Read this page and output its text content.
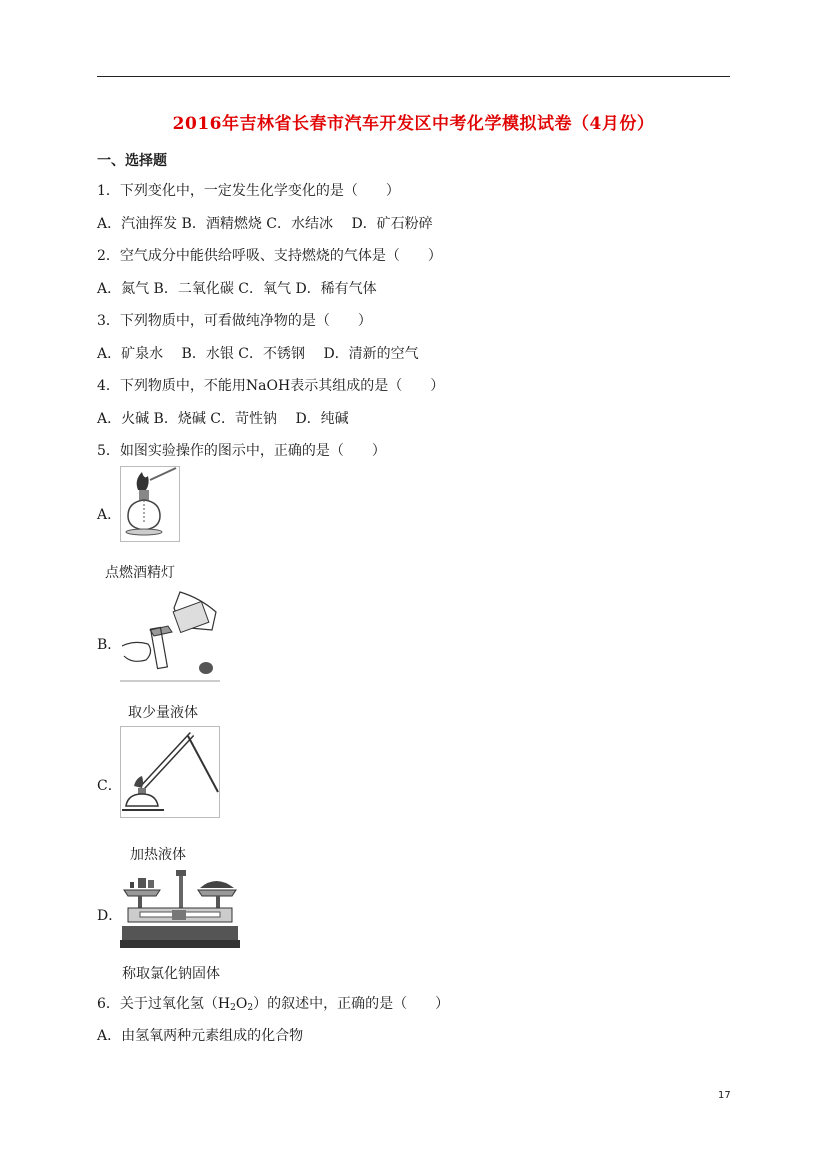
2016年吉林省长春市汽车开发区中考化学模拟试卷（4月份）
一、选择题
1．下列变化中，一定发生化学变化的是（　　）
A．汽油挥发 B．酒精燃烧 C．水结冰　 D．矿石粉碎
2．空气成分中能供给呼吸、支持燃烧的气体是（　　）
A．氮气 B．二氧化碳 C．氧气 D．稀有气体
3．下列物质中，可看做纯净物的是（　　）
A．矿泉水　 B．水银 C．不锈钢　 D．清新的空气
4．下列物质中，不能用NaOH表示其组成的是（　　）
A．火碱 B．烧碱 C．苛性钠　 D．纯碱
5．如图实验操作的图示中，正确的是（　　）
A．
点燃酒精灯
B．
取少量液体
C．
加热液体
D．
称取氯化钠固体
6．关于过氧化氢$(H_2O_2)$的叙述中，正确的是（　　）
A．由氢氧两种元素组成的化合物
17
